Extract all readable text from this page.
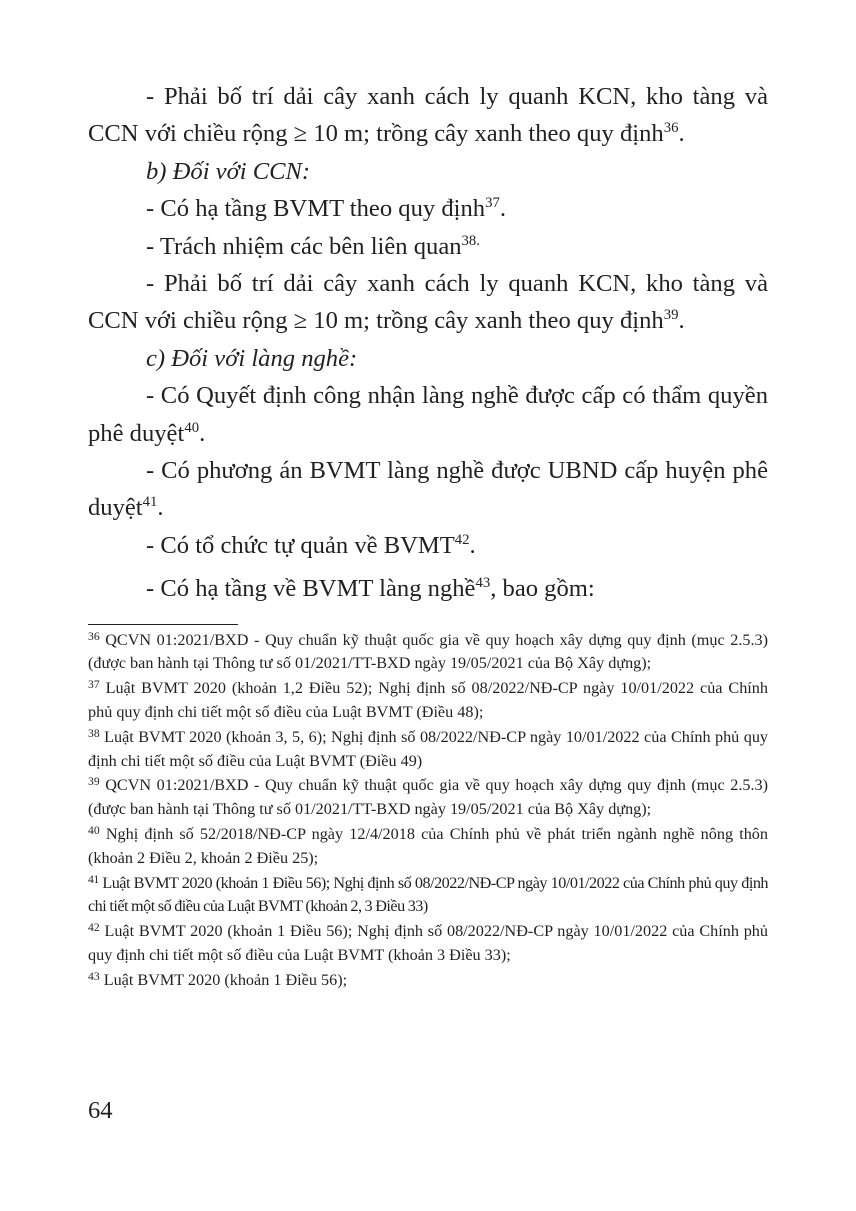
- Phải bố trí dải cây xanh cách ly quanh KCN, kho tàng và CCN với chiều rộng ≥ 10 m; trồng cây xanh theo quy định$^{36}$.

b) Đối với CCN:

- Có hạ tầng BVMT theo quy định$^{37}$.

- Trách nhiệm các bên liên quan$^{38.}$

- Phải bố trí dải cây xanh cách ly quanh KCN, kho tàng và CCN với chiều rộng ≥ 10 m; trồng cây xanh theo quy định$^{39}$.

c) Đối với làng nghề:

- Có Quyết định công nhận làng nghề được cấp có thẩm quyền phê duyệt$^{40}$.

- Có phương án BVMT làng nghề được UBND cấp huyện phê duyệt$^{41}$.

- Có tổ chức tự quản về BVMT$^{42}$.

- Có hạ tầng về BVMT làng nghề$^{43}$, bao gồm:

$^{36}$ QCVN 01:2021/BXD - Quy chuẩn kỹ thuật quốc gia về quy hoạch xây dựng quy định (mục 2.5.3) (được ban hành tại Thông tư số 01/2021/TT-BXD ngày 19/05/2021 của Bộ Xây dựng);

$^{37}$ Luật BVMT 2020 (khoản 1,2 Điều 52); Nghị định số 08/2022/NĐ-CP ngày 10/01/2022 của Chính phủ quy định chi tiết một số điều của Luật BVMT (Điều 48);

$^{38}$ Luật BVMT 2020 (khoản 3, 5, 6); Nghị định số 08/2022/NĐ-CP ngày 10/01/2022 của Chính phủ quy định chi tiết một số điều của Luật BVMT (Điều 49)

$^{39}$ QCVN 01:2021/BXD - Quy chuẩn kỹ thuật quốc gia về quy hoạch xây dựng quy định (mục 2.5.3) (được ban hành tại Thông tư số 01/2021/TT-BXD ngày 19/05/2021 của Bộ Xây dựng);

$^{40}$ Nghị định số 52/2018/NĐ-CP ngày 12/4/2018 của Chính phủ về phát triển ngành nghề nông thôn (khoản 2 Điều 2, khoản 2 Điều 25);

$^{41}$ Luật BVMT 2020 (khoản 1 Điều 56); Nghị định số 08/2022/NĐ-CP ngày 10/01/2022 của Chính phủ quy định chi tiết một số điều của Luật BVMT (khoản 2, 3 Điều 33)

$^{42}$ Luật BVMT 2020 (khoản 1 Điều 56); Nghị định số 08/2022/NĐ-CP ngày 10/01/2022 của Chính phủ quy định chi tiết một số điều của Luật BVMT (khoản 3 Điều 33);

$^{43}$ Luật BVMT 2020 (khoản 1 Điều 56);

64
